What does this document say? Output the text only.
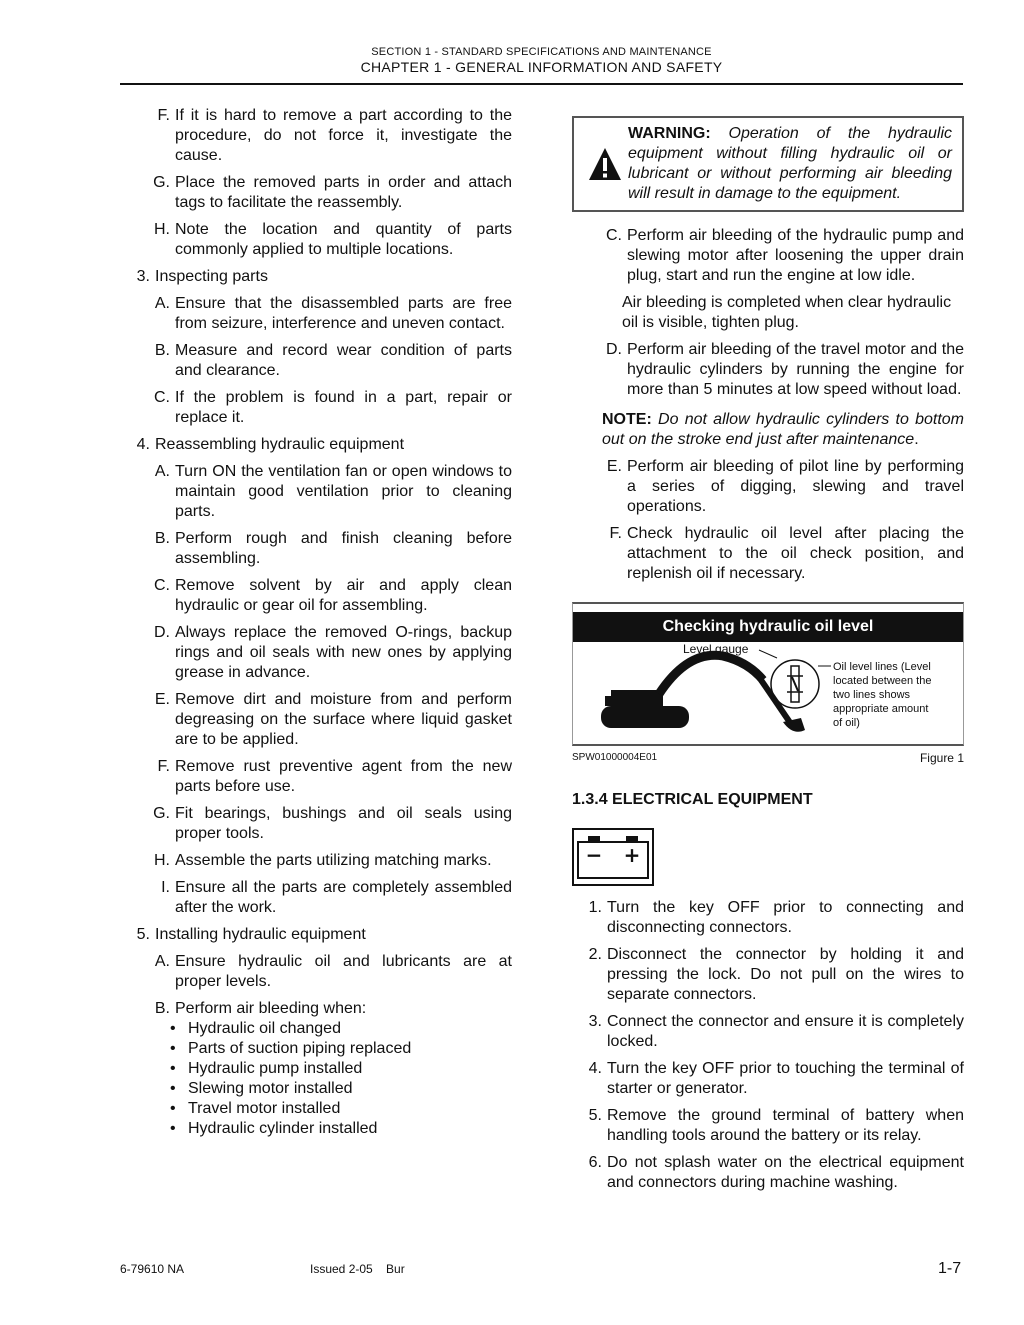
SECTION 1 - STANDARD SPECIFICATIONS AND MAINTENANCE
CHAPTER 1 - GENERAL INFORMATION AND SAFETY
F. If it is hard to remove a part according to the procedure, do not force it, investigate the cause.
G. Place the removed parts in order and attach tags to facilitate the reassembly.
H. Note the location and quantity of parts commonly applied to multiple locations.
3. Inspecting parts
A. Ensure that the disassembled parts are free from seizure, interference and uneven contact.
B. Measure and record wear condition of parts and clearance.
C. If the problem is found in a part, repair or replace it.
4. Reassembling hydraulic equipment
A. Turn ON the ventilation fan or open windows to maintain good ventilation prior to cleaning parts.
B. Perform rough and finish cleaning before assembling.
C. Remove solvent by air and apply clean hydraulic or gear oil for assembling.
D. Always replace the removed O-rings, backup rings and oil seals with new ones by applying grease in advance.
E. Remove dirt and moisture from and perform degreasing on the surface where liquid gasket are to be applied.
F. Remove rust preventive agent from the new parts before use.
G. Fit bearings, bushings and oil seals using proper tools.
H. Assemble the parts utilizing matching marks.
I. Ensure all the parts are completely assembled after the work.
5. Installing hydraulic equipment
A. Ensure hydraulic oil and lubricants are at proper levels.
B. Perform air bleeding when:
• Hydraulic oil changed
• Parts of suction piping replaced
• Hydraulic pump installed
• Slewing motor installed
• Travel motor installed
• Hydraulic cylinder installed
WARNING: Operation of the hydraulic equipment without filling hydraulic oil or lubricant or without performing air bleeding will result in damage to the equipment.
C. Perform air bleeding of the hydraulic pump and slewing motor after loosening the upper drain plug, start and run the engine at low idle.
Air bleeding is completed when clear hydraulic oil is visible, tighten plug.
D. Perform air bleeding of the travel motor and the hydraulic cylinders by running the engine for more than 5 minutes at low speed without load.
NOTE: Do not allow hydraulic cylinders to bottom out on the stroke end just after maintenance.
E. Perform air bleeding of pilot line by performing a series of digging, slewing and travel operations.
F. Check hydraulic oil level after placing the attachment to the oil check position, and replenish oil if necessary.
Checking hydraulic oil level
Level gauge
Oil level lines (Level located between the two lines shows appropriate amount of oil)
SPW01000004E01	Figure 1
1.3.4 ELECTRICAL EQUIPMENT
− +
1. Turn the key OFF prior to connecting and disconnecting connectors.
2. Disconnect the connector by holding it and pressing the lock. Do not pull on the wires to separate connectors.
3. Connect the connector and ensure it is completely locked.
4. Turn the key OFF prior to touching the terminal of starter or generator.
5. Remove the ground terminal of battery when handling tools around the battery or its relay.
6. Do not splash water on the electrical equipment and connectors during machine washing.
6-79610 NA	Issued 2-05    Bur	1-7
